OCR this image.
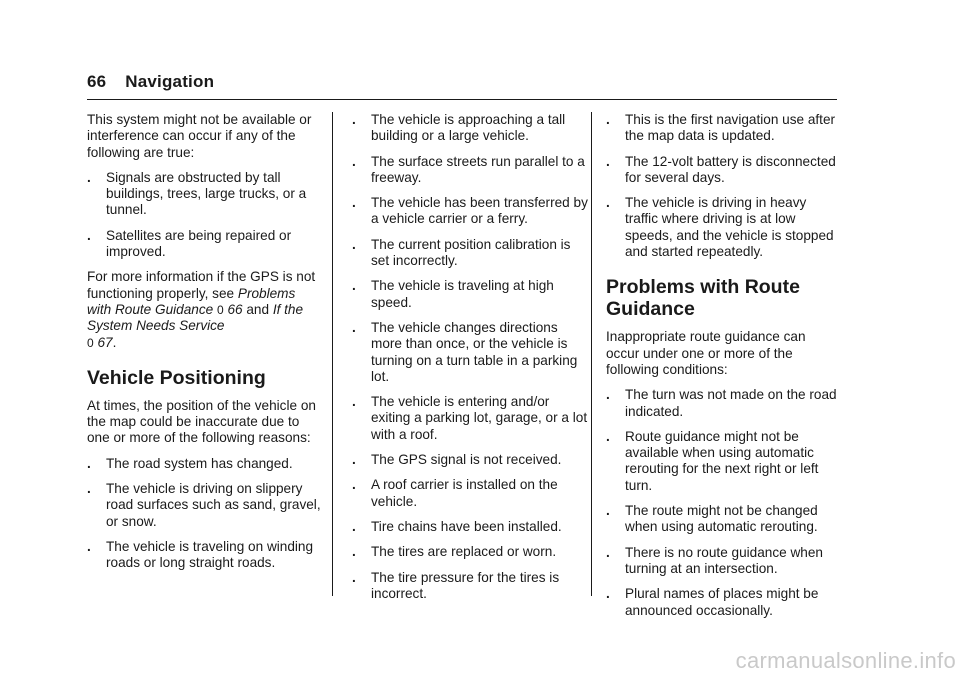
66 Navigation

This system might not be available or interference can occur if any of the following are true:

. Signals are obstructed by tall buildings, trees, large trucks, or a tunnel.
. Satellites are being repaired or improved.

For more information if the GPS is not functioning properly, see Problems with Route Guidance 0 66 and If the System Needs Service
0 67.

Vehicle Positioning

At times, the position of the vehicle on the map could be inaccurate due to one or more of the following reasons:

. The road system has changed.
. The vehicle is driving on slippery road surfaces such as sand, gravel, or snow.
. The vehicle is traveling on winding roads or long straight roads.
. The vehicle is approaching a tall building or a large vehicle.
. The surface streets run parallel to a freeway.
. The vehicle has been transferred by a vehicle carrier or a ferry.
. The current position calibration is set incorrectly.
. The vehicle is traveling at high speed.
. The vehicle changes directions more than once, or the vehicle is turning on a turn table in a parking lot.
. The vehicle is entering and/or exiting a parking lot, garage, or a lot with a roof.
. The GPS signal is not received.
. A roof carrier is installed on the vehicle.
. Tire chains have been installed.
. The tires are replaced or worn.
. The tire pressure for the tires is incorrect.
. This is the first navigation use after the map data is updated.
. The 12-volt battery is disconnected for several days.
. The vehicle is driving in heavy traffic where driving is at low speeds, and the vehicle is stopped and started repeatedly.
Problems with Route Guidance

Inappropriate route guidance can occur under one or more of the following conditions:

. The turn was not made on the road indicated.
. Route guidance might not be available when using automatic rerouting for the next right or left turn.
. The route might not be changed when using automatic rerouting.
. There is no route guidance when turning at an intersection.
. Plural names of places might be announced occasionally.
carmanualsonline.info
